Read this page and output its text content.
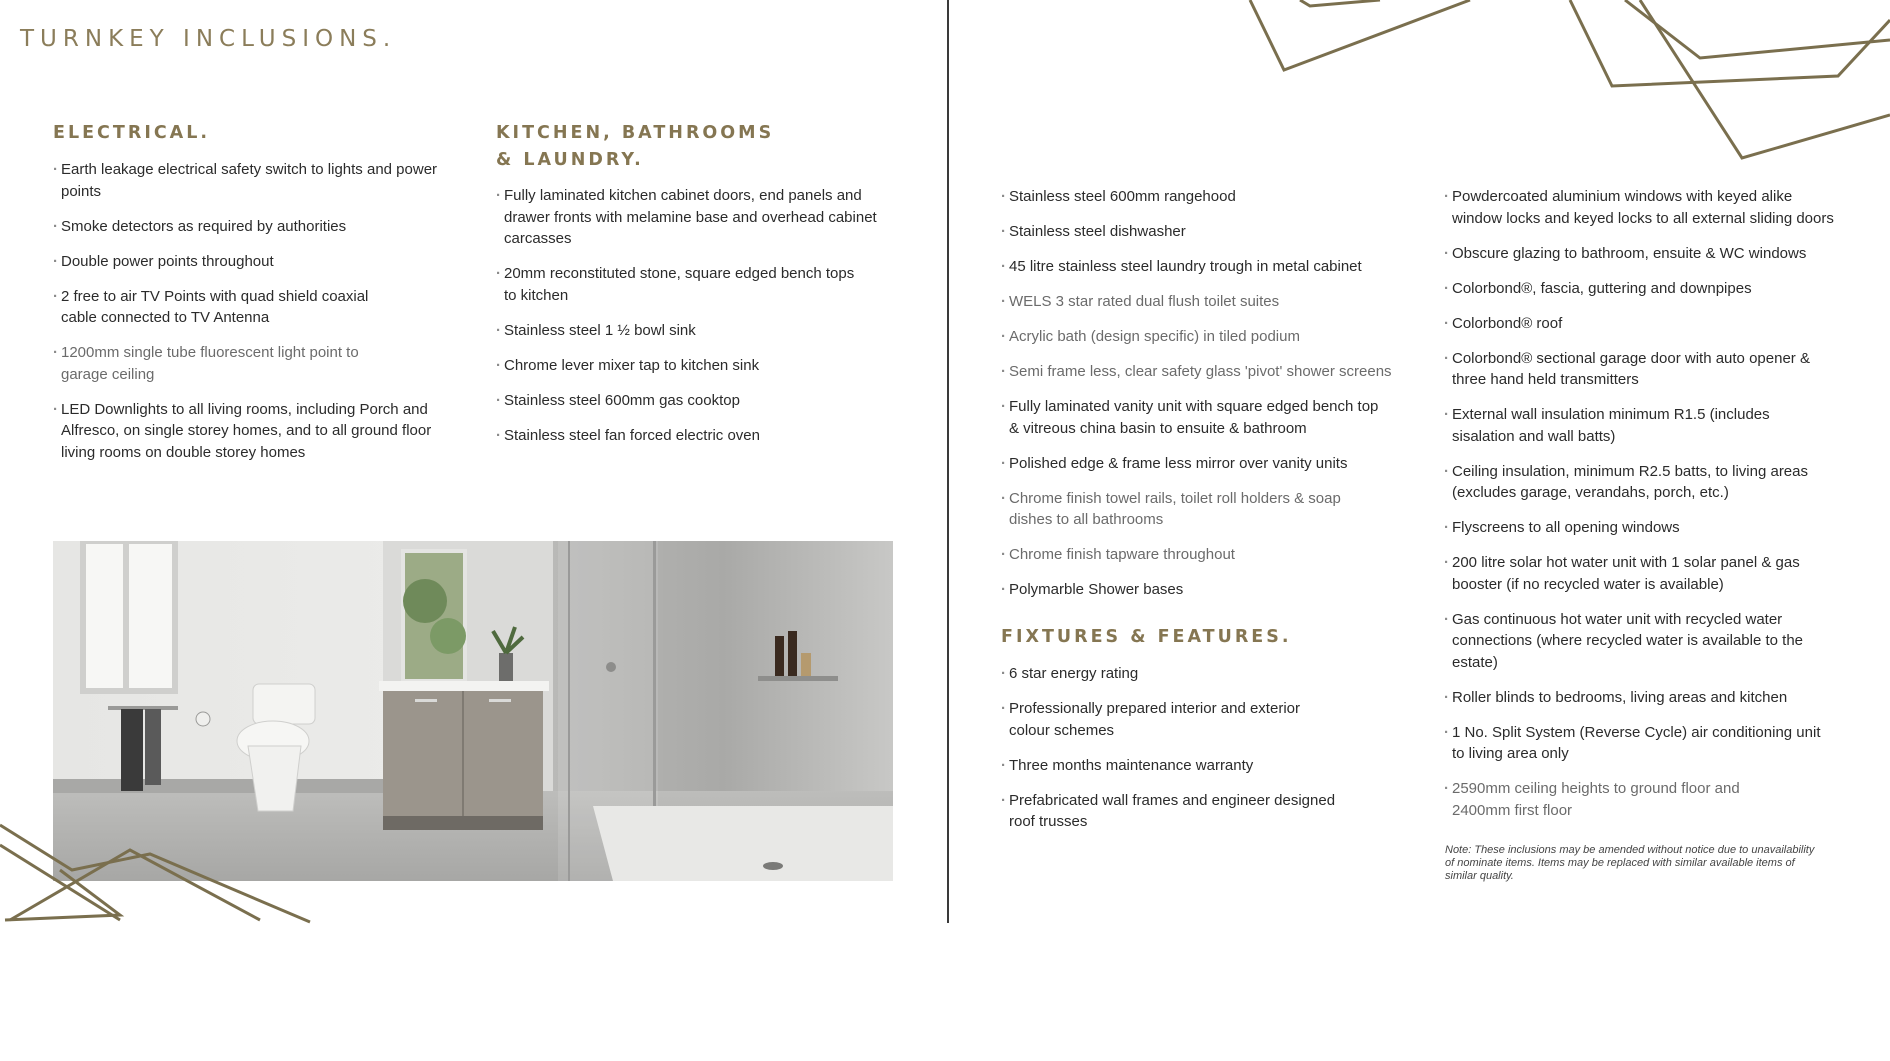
TURNKEY INCLUSIONS.
ELECTRICAL.
· Earth leakage electrical safety switch to lights and power points
· Smoke detectors as required by authorities
· Double power points throughout
· 2 free to air TV Points with quad shield coaxial cable connected to TV Antenna
· 1200mm single tube fluorescent light point to garage ceiling
· LED Downlights to all living rooms, including Porch and Alfresco, on single storey homes, and to all ground floor living rooms on double storey homes
KITCHEN, BATHROOMS
& LAUNDRY.
· Fully laminated kitchen cabinet doors, end panels and drawer fronts with melamine base and overhead cabinet carcasses
· 20mm reconstituted stone, square edged bench tops to kitchen
· Stainless steel 1 ½ bowl sink
· Chrome lever mixer tap to kitchen sink
· Stainless steel 600mm gas cooktop
· Stainless steel fan forced electric oven
· Stainless steel 600mm rangehood
· Stainless steel dishwasher
· 45 litre stainless steel laundry trough in metal cabinet
· WELS 3 star rated dual flush toilet suites
· Acrylic bath (design specific) in tiled podium
· Semi frame less, clear safety glass 'pivot' shower screens
· Fully laminated vanity unit with square edged bench top & vitreous china basin to ensuite & bathroom
· Polished edge & frame less mirror over vanity units
· Chrome finish towel rails, toilet roll holders & soap dishes to all bathrooms
· Chrome finish tapware throughout
· Polymarble Shower bases
FIXTURES & FEATURES.
· 6 star energy rating
· Professionally prepared interior and exterior colour schemes
· Three months maintenance warranty
· Prefabricated wall frames and engineer designed roof trusses
· Powdercoated aluminium windows with keyed alike window locks and keyed locks to all external sliding doors
· Obscure glazing to bathroom, ensuite & WC windows
· Colorbond®, fascia, guttering and downpipes
· Colorbond® roof
· Colorbond® sectional garage door with auto opener & three hand held transmitters
· External wall insulation minimum R1.5 (includes sisalation and wall batts)
· Ceiling insulation, minimum R2.5 batts, to living areas (excludes garage, verandahs, porch, etc.)
· Flyscreens to all opening windows
· 200 litre solar hot water unit with 1 solar panel & gas booster (if no recycled water is available)
· Gas continuous hot water unit with recycled water connections (where recycled water is available to the estate)
· Roller blinds to bedrooms, living areas and kitchen
· 1 No. Split System (Reverse Cycle) air conditioning unit to living area only
· 2590mm ceiling heights to ground floor and 2400mm first floor
Note: These inclusions may be amended without notice due to unavailability of nominate items. Items may be replaced with similar available items of similar quality.
